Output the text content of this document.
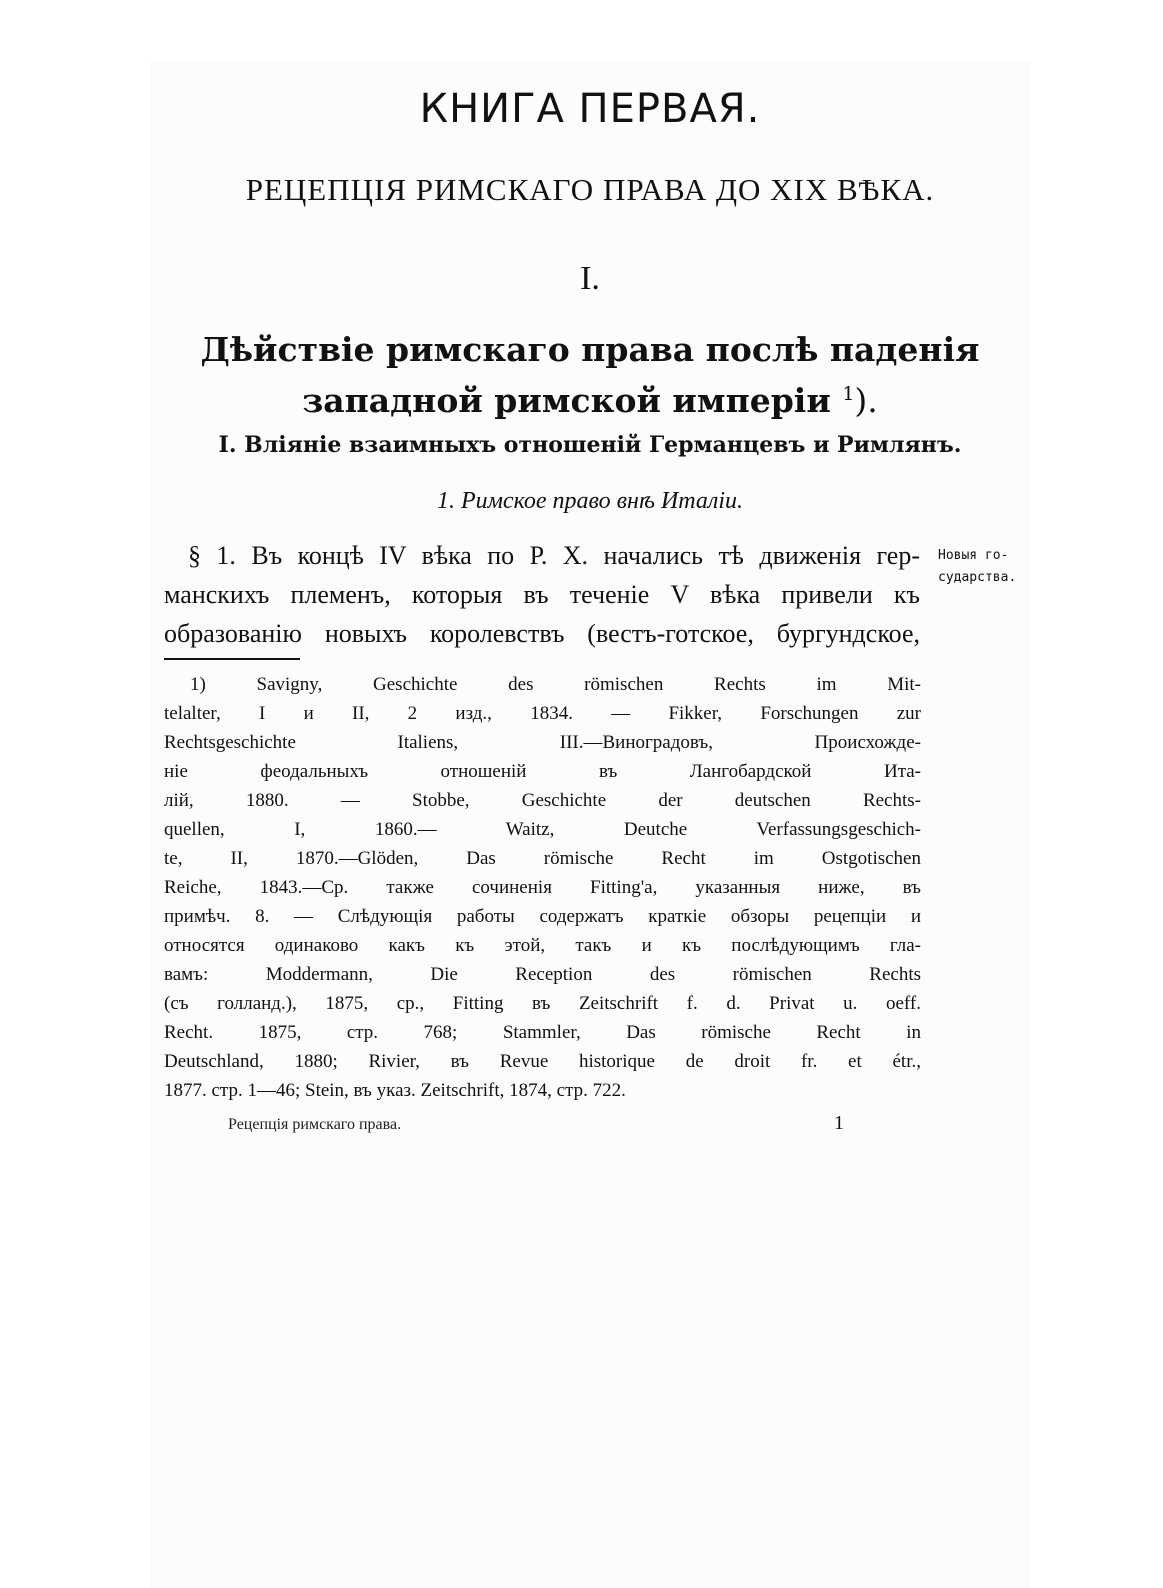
КНИГА ПЕРВАЯ.
РЕЦЕПЦІЯ РИМСКАГО ПРАВА ДО XIX ВѢКА.
I.
Дѣйствіе римскаго права послѣ паденія
западной римской имперіи $^1$).
I. Вліяніе взаимныхъ отношеній Германцевъ и Римлянъ.
1. Римское право внѣ Италіи.
§ 1. Въ концѣ IV вѣка по Р. X. начались тѣ движенія гер-
манскихъ племенъ, которыя въ теченіе V вѣка привели къ
образованію новыхъ королевствъ (вестъ-готское, бургундское,
Новыя го-
сударства.
1) Savigny, Geschichte des römischen Rechts im Mit-
telalter, I и II, 2 изд., 1834. — Fikker, Forschungen zur
Rechtsgeschichte Italiens, III.—Виноградовъ, Происхожде-
ніе феодальныхъ отношеній въ Лангобардской Ита-
лій, 1880. — Stobbe, Geschichte der deutschen Rechts-
quellen, I, 1860.— Waitz, Deutche Verfassungsgeschich-
te, II, 1870.—Glöden, Das römische Recht im Ostgotischen
Reiche, 1843.—Ср. также сочиненія Fitting'a, указанныя ниже, въ
примѣч. 8. — Слѣдующія работы содержатъ краткіе обзоры рецепціи и
относятся одинаково какъ къ этой, такъ и къ послѣдующимъ гла-
вамъ: Moddermann, Die Reception des römischen Rechts
(съ голланд.), 1875, ср., Fitting въ Zeitschrift f. d. Privat u. oeff.
Recht. 1875, стр. 768; Stammler, Das römische Recht in
Deutschland, 1880; Rivier, въ Revue historique de droit fr. et étr.,
1877. стр. 1—46; Stein, въ указ. Zeitschrift, 1874, стр. 722.
Рецепція римскаго права.	1
